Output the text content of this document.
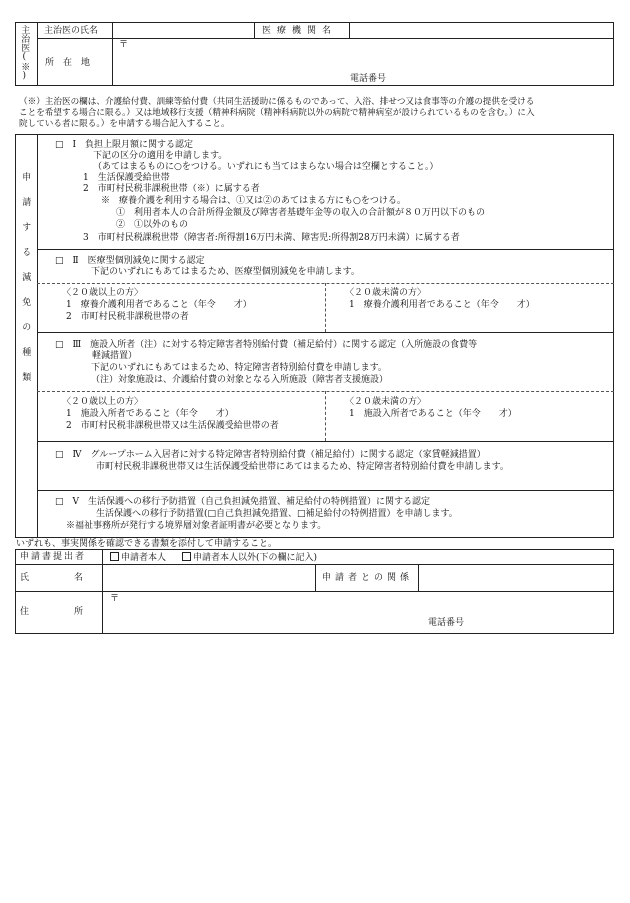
主治医(※) 主治医の氏名	医療機関名
所　在　地
〒
電話番号
（※）主治医の欄は、介護給付費、訓練等給付費（共同生活援助に係るものであって、入浴、排せつ又は食事等の介護の提供を受ける
ことを希望する場合に限る。）又は地域移行支援（精神科病院（精神科病院以外の病院で精神病室が設けられているものを含む。）に入
院している者に限る。）を申請する場合記入すること。
申請する減免の種類
□　Ⅰ　負担上限月額に関する認定
下記の区分の適用を申請します。
（あてはまるものに○をつける。いずれにも当てはまらない場合は空欄とすること。）
1　生活保護受給世帯
2　市町村民税非課税世帯（※）に属する者
※　療養介護を利用する場合は、①又は②のあてはまる方にも○をつける。
①　利用者本人の合計所得金額及び障害者基礎年金等の収入の合計額が８０万円以下のもの
②　①以外のもの
3　市町村民税課税世帯（障害者:所得割16万円未満、障害児:所得割28万円未満）に属する者
□　Ⅱ　医療型個別減免に関する認定
下記のいずれにもあてはまるため、医療型個別減免を申請します。
〈２０歳以上の方〉
1　療養介護利用者であること（年令　　才）
2　市町村民税非課税世帯の者
〈２０歳未満の方〉
1　療養介護利用者であること（年令　　才）
□　Ⅲ　施設入所者（注）に対する特定障害者特別給付費（補足給付）に関する認定（入所施設の食費等
軽減措置）
下記のいずれにもあてはまるため、特定障害者特別給付費を申請します。
（注）対象施設は、介護給付費の対象となる入所施設（障害者支援施設）
〈２０歳以上の方〉
1　施設入所者であること（年令　　才）
2　市町村民税非課税世帯又は生活保護受給世帯の者
〈２０歳未満の方〉
1　施設入所者であること（年令　　才）
□　Ⅳ　グループホーム入居者に対する特定障害者特別給付費（補足給付）に関する認定（家賃軽減措置）
市町村民税非課税世帯又は生活保護受給世帯にあてはまるため、特定障害者特別給付費を申請します。
□　Ⅴ　生活保護への移行予防措置（自己負担減免措置、補足給付の特例措置）に関する認定
生活保護への移行予防措置(□自己負担減免措置、□補足給付の特例措置）を申請します。
※福祉事務所が発行する境界層対象者証明書が必要となります。
いずれも、事実関係を確認できる書類を添付して申請すること。
申請書提出者	申請者本人	申請者本人以外(下の欄に記入)
氏　　　　　名	申請者との関係
住　　　　　所
〒
電話番号
